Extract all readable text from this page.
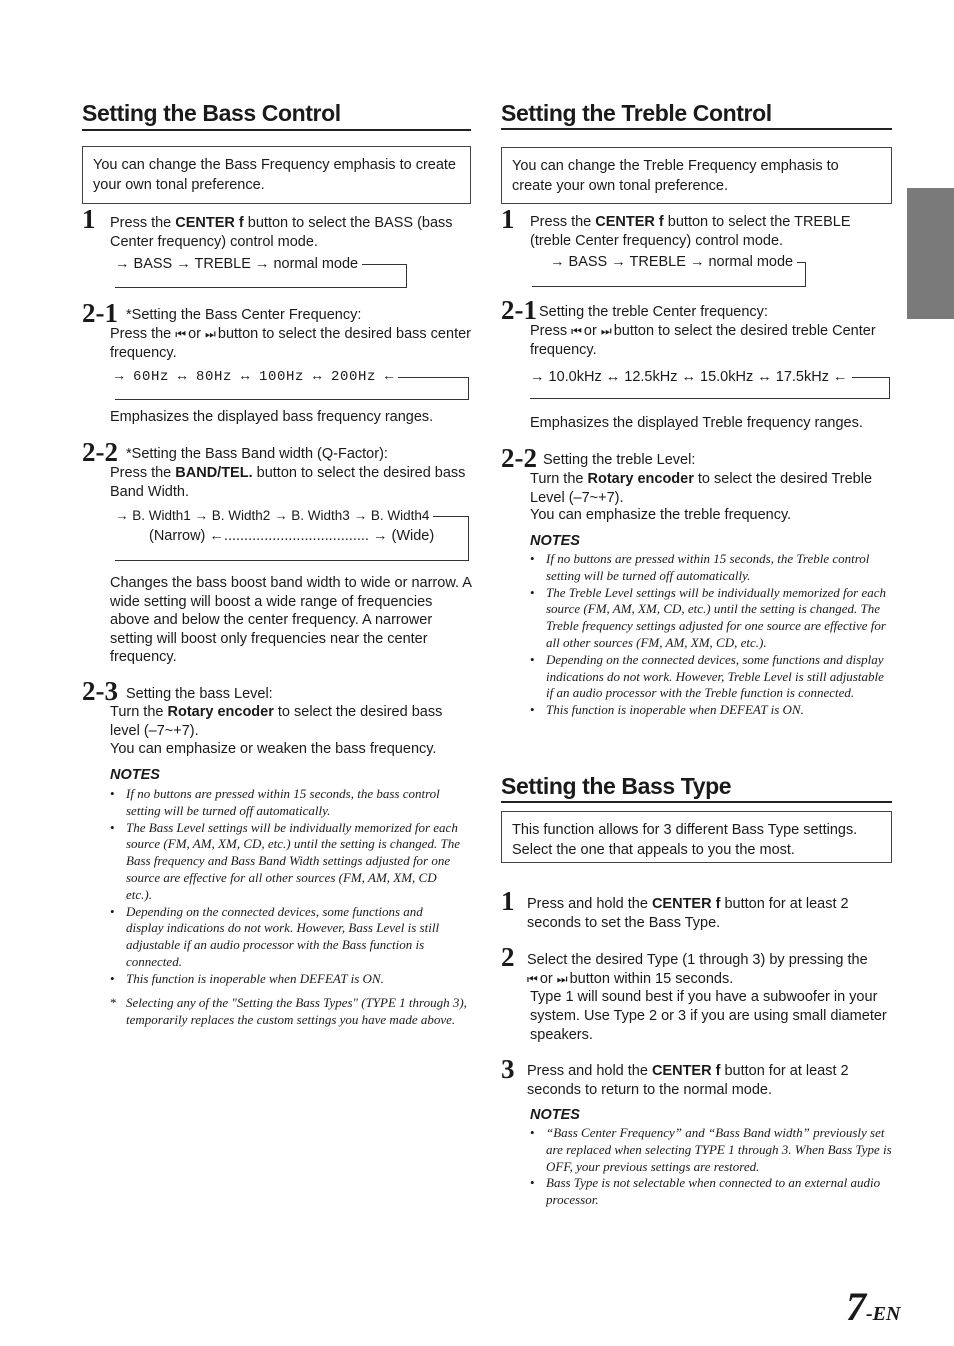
Setting the Bass Control
You can change the Bass Frequency emphasis to create your own tonal preference.
1 Press the CENTER f button to select the BASS (bass Center frequency) control mode.
→ BASS → TREBLE → normal mode
2-1 *Setting the Bass Center Frequency:
Press the ⏮ or ⏭ button to select the desired bass center frequency.
→ 60Hz ↔ 80Hz ↔ 100Hz ↔ 200Hz ←
Emphasizes the displayed bass frequency ranges.
2-2 *Setting the Bass Band width (Q-Factor):
Press the BAND/TEL. button to select the desired bass Band Width.
→ B. Width1 → B. Width2 → B. Width3 → B. Width4
(Narrow) ←.................................... → (Wide)
Changes the bass boost band width to wide or narrow. A wide setting will boost a wide range of frequencies above and below the center frequency. A narrower setting will boost only frequencies near the center frequency.
2-3 Setting the bass Level:
Turn the Rotary encoder to select the desired bass level (–7~+7).
You can emphasize or weaken the bass frequency.
NOTES
• If no buttons are pressed within 15 seconds, the bass control setting will be turned off automatically.
• The Bass Level settings will be individually memorized for each source (FM, AM, XM, CD, etc.) until the setting is changed. The Bass frequency and Bass Band Width settings adjusted for one source are effective for all other sources (FM, AM, XM, CD etc.).
• Depending on the connected devices, some functions and display indications do not work. However, Bass Level is still adjustable if an audio processor with the Bass function is connected.
• This function is inoperable when DEFEAT is ON.
* Selecting any of the "Setting the Bass Types" (TYPE 1 through 3), temporarily replaces the custom settings you have made above.
Setting the Treble Control
You can change the Treble Frequency emphasis to create your own tonal preference.
1 Press the CENTER f button to select the TREBLE (treble Center frequency) control mode.
→ BASS → TREBLE → normal mode
2-1 Setting the treble Center frequency:
Press ⏮ or ⏭ button to select the desired treble Center frequency.
→ 10.0kHz ↔ 12.5kHz ↔ 15.0kHz ↔ 17.5kHz ←
Emphasizes the displayed Treble frequency ranges.
2-2 Setting the treble Level:
Turn the Rotary encoder to select the desired Treble Level (–7~+7).
You can emphasize the treble frequency.
NOTES
• If no buttons are pressed within 15 seconds, the Treble control setting will be turned off automatically.
• The Treble Level settings will be individually memorized for each source (FM, AM, XM, CD, etc.) until the setting is changed. The Treble frequency settings adjusted for one source are effective for all other sources (FM, AM, XM, CD, etc.).
• Depending on the connected devices, some functions and display indications do not work. However, Treble Level is still adjustable if an audio processor with the Treble function is connected.
• This function is inoperable when DEFEAT is ON.
Setting the Bass Type
This function allows for 3 different Bass Type settings. Select the one that appeals to you the most.
1 Press and hold the CENTER f button for at least 2 seconds to set the Bass Type.
2 Select the desired Type (1 through 3) by pressing the
⏮ or ⏭ button within 15 seconds.
Type 1 will sound best if you have a subwoofer in your system. Use Type 2 or 3 if you are using small diameter speakers.
3 Press and hold the CENTER f button for at least 2 seconds to return to the normal mode.
NOTES
• “Bass Center Frequency” and “Bass Band width” previously set are replaced when selecting TYPE 1 through 3. When Bass Type is OFF, your previous settings are restored.
• Bass Type is not selectable when connected to an external audio processor.
7-EN
